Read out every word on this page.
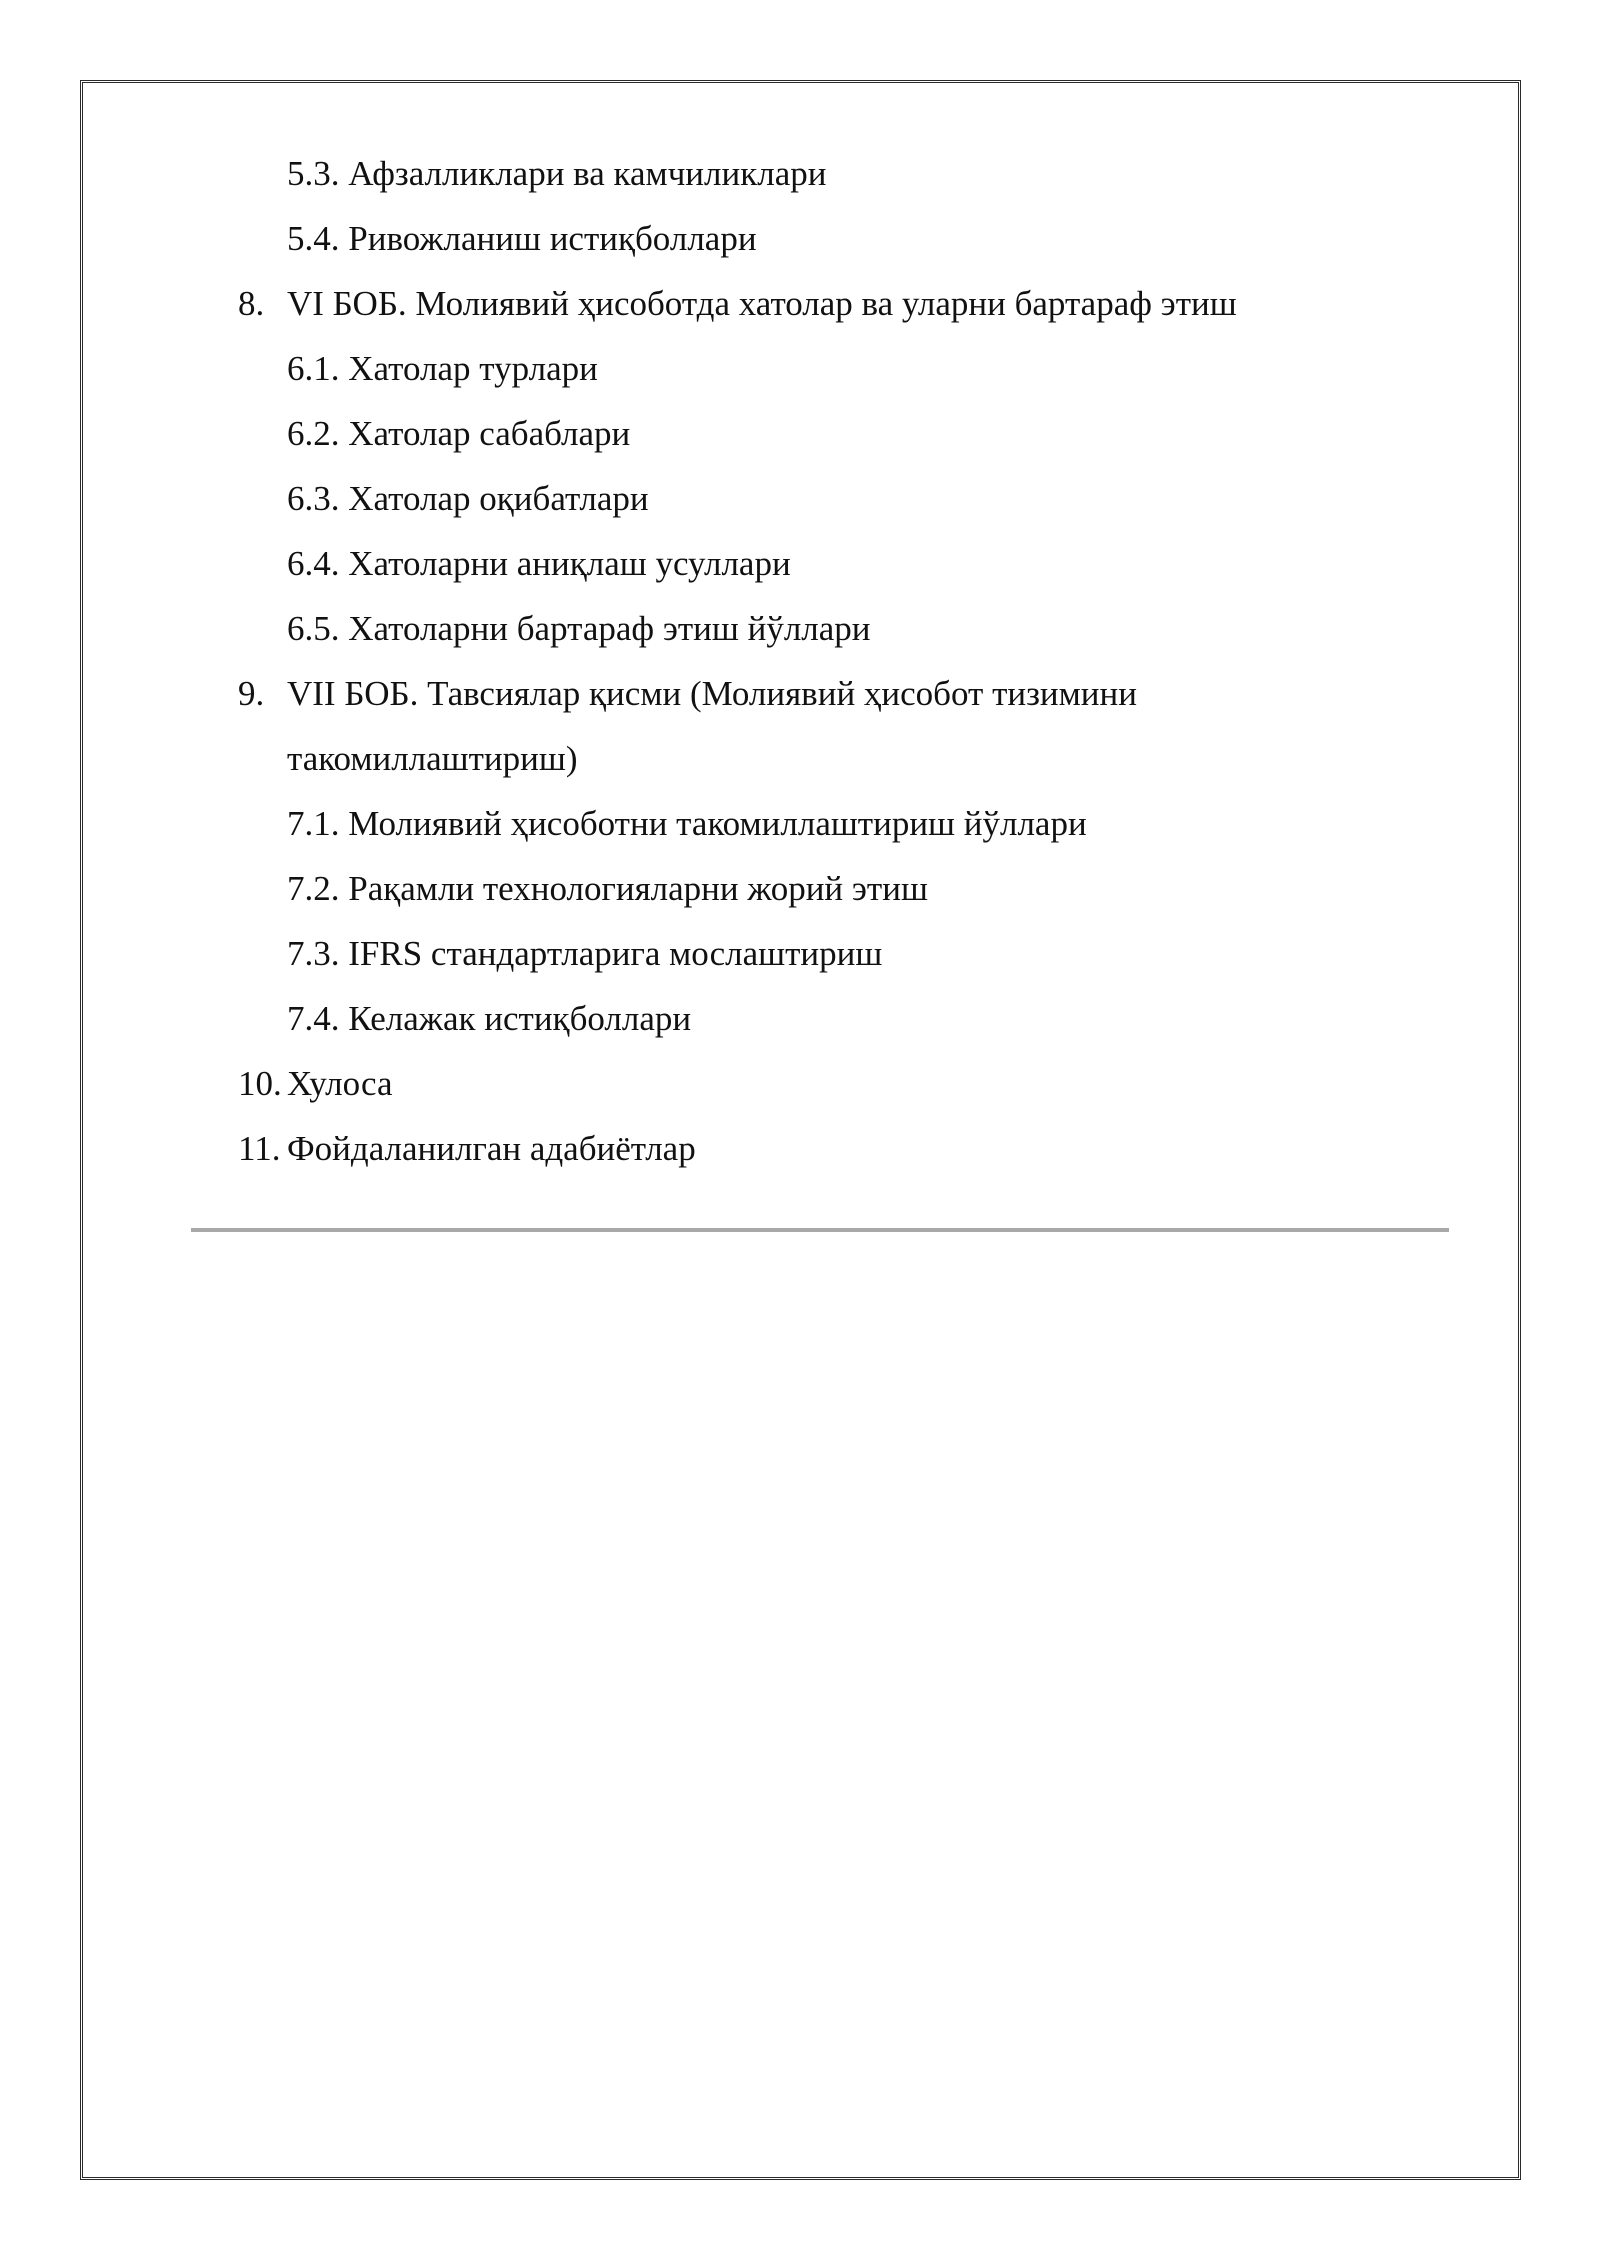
5.3. Афзалликлари ва камчиликлари
5.4. Ривожланиш истиқболлари
8. VI БОБ. Молиявий ҳисоботда хатолар ва уларни бартараф этиш
6.1. Хатолар турлари
6.2. Хатолар сабаблари
6.3. Хатолар оқибатлари
6.4. Хатоларни аниқлаш усуллари
6.5. Хатоларни бартараф этиш йўллари
9. VII БОБ. Тавсиялар қисми (Молиявий ҳисобот тизимини
такомиллаштириш)
7.1. Молиявий ҳисоботни такомиллаштириш йўллари
7.2. Рақамли технологияларни жорий этиш
7.3. IFRS стандартларига мослаштириш
7.4. Келажак истиқболлари
10. Хулоса
11. Фойдаланилган адабиётлар
